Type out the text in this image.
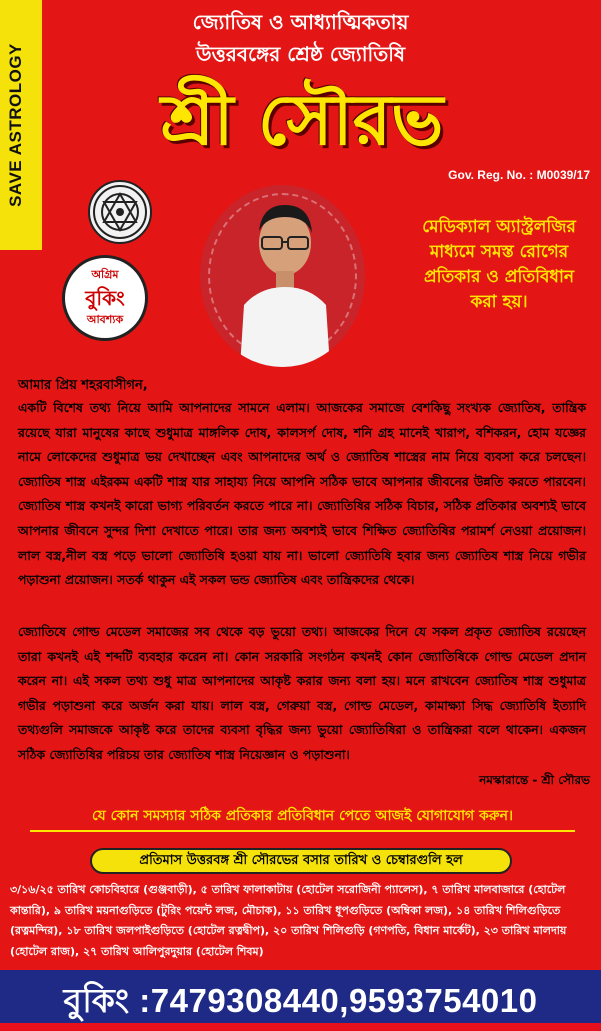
SAVE ASTROLOGY
জ্যোতিষ ও আধ্যাত্মিকতায়
উত্তরবঙ্গের শ্রেষ্ঠ জ্যোতিষি
শ্রী সৌরভ
Gov. Reg. No. : M0039/17
অগ্রিম
বুকিং
আবশ্যক
মেডিক্যাল অ্যাস্ট্রলজির মাধ্যমে সমস্ত রোগের প্রতিকার ও প্রতিবিধান করা হয়।
আমার প্রিয় শহরবাসীগন,
একটি বিশেষ তথ্য নিয়ে আমি আপনাদের সামনে এলাম। আজকের সমাজে বেশকিছু সংখ্যক জ্যোতিষ, তান্ত্রিক রয়েছে যারা মানুষের কাছে শুধুমাত্র মাঙ্গলিক দোষ, কালসর্প দোষ, শনি গ্রহ মানেই খারাপ, বশিকরন, হোম যজ্ঞের নামে লোকেদের শুধুমাত্র ভয় দেখাচ্ছেন এবং আপনাদের অর্থ ও জ্যোতিষ শাস্ত্রের নাম নিয়ে ব্যবসা করে চলছেন। জ্যোতিষ শাস্ত্র এইরকম একটি শাস্ত্র যার সাহায্য নিয়ে আপনি সঠিক ভাবে আপনার জীবনের উন্নতি করতে পারবেন। জ্যোতিষ শাস্ত্র কখনই কারো ভাগ্য পরিবর্তন করতে পারে না। জ্যোতিষির সঠিক বিচার, সঠিক প্রতিকার অবশ্যই ভাবে আপনার জীবনে সুন্দর দিশা দেখাতে পারে। তার জন্য অবশ্যই ভাবে শিক্ষিত জ্যোতিষির পরামর্শ নেওয়া প্রয়োজন। লাল বস্ত্র,নীল বস্ত্র পড়ে ভালো জ্যোতিষি হওয়া যায় না। ভালো জ্যোতিষি হবার জন্য জ্যোতিষ শাস্ত্র নিয়ে গভীর পড়াশুনা প্রয়োজন। সতর্ক থাকুন এই সকল ভন্ড জ্যোতিষ এবং তান্ত্রিকদের থেকে।
জ্যোতিষে গোল্ড মেডেল সমাজের সব থেকে বড় ভুয়ো তথ্য। আজকের দিনে যে সকল প্রকৃত জ্যোতিষ রয়েছেন তারা কখনই এই শব্দটি ব্যবহার করেন না। কোন সরকারি সংগঠন কখনই কোন জ্যোতিষিকে গোল্ড মেডেল প্রদান করেন না। এই সকল তথ্য শুধু মাত্র আপনাদের আকৃষ্ট করার জন্য বলা হয়। মনে রাখবেন জ্যোতিষ শাস্ত্র শুধুমাত্র গভীর পড়াশুনা করে অর্জন করা যায়। লাল বস্ত্র, গেরুয়া বস্ত্র, গোল্ড মেডেল, কামাক্ষ্যা সিদ্ধ জ্যোতিষি ইত্যাদি তথ্যগুলি সমাজকে আকৃষ্ট করে তাদের ব্যবসা বৃদ্ধির জন্য ভুয়ো জ্যোতিষিরা ও তান্ত্রিকরা বলে থাকেন। একজন সঠিক জ্যোতিষির পরিচয় তার জ্যোতিষ শাস্ত্র নিয়েজ্ঞান ও পড়াশুনা।
নমস্কারান্তে - শ্রী সৌরভ
যে কোন সমস্যার সঠিক প্রতিকার প্রতিবিধান পেতে আজই যোগাযোগ করুন।
প্রতিমাস উত্তরবঙ্গ শ্রী সৌরভের বসার তারিখ ও চেম্বারগুলি হল
৩/১৬/২৫ তারিখ কোচবিহারে (গুঞ্জবাড়ী), ৫ তারিখ ফালাকাটায় (হোটেল সরোজিনী প্যালেস), ৭ তারিখ মালবাজারে (হোটেল কান্তারি), ৯ তারিখ ময়নাগুড়িতে (টুরিং পয়েন্ট লজ, মৌচাক), ১১ তারিখ ধূপগুড়িতে (অম্বিকা লজ), ১৪ তারিখ শিলিগুড়িতে (রত্নমন্দির), ১৮ তারিখ জলপাইগুড়িতে (হোটেল রত্নদ্বীপ), ২০ তারিখ শিলিগুড়ি (গণপতি, বিধান মার্কেট), ২৩ তারিখ মালদায় (হোটেল রাজ), ২৭ তারিখ আলিপুরদুয়ার (হোটেল শিবম)
বুকিং :7479308440,9593754010
